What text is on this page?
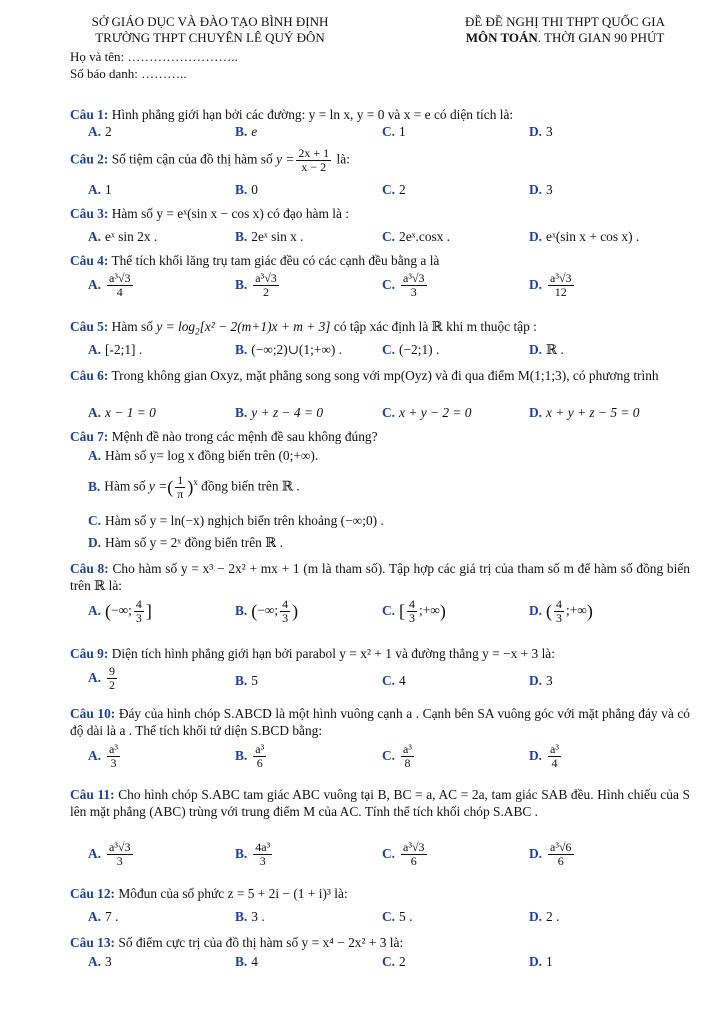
SỞ GIÁO DỤC VÀ ĐÀO TẠO BÌNH ĐỊNH
TRƯỜNG THPT CHUYÊN LÊ QUÝ ĐÔN
ĐỀ ĐỀ NGHỊ THI THPT QUỐC GIA
MÔN TOÁN. THỜI GIAN 90 PHÚT
Họ và tên: ……………………..
Số báo danh: ………..
Câu 1: Hình phẳng giới hạn bởi các đường: y = ln x, y = 0 và x = e có diện tích là:
A. 2	B. e	C. 1	D. 3
Câu 2: Số tiệm cận của đồ thị hàm số $y = \frac{2x + 1}{x - 2}$ là:
A. 1	B. 0	C. 2	D. 3
Câu 3: Hàm số y = eˣ(sin x − cos x) có đạo hàm là :
A. eˣ sin 2x .	B. 2eˣ sin x .	C. 2eˣ.cosx .	D. eˣ(sin x + cos x) .
Câu 4: Thể tích khối lăng trụ tam giác đều có các cạnh đều bằng a là
A. $\frac{\text{a³√3}}{4}$	B. $\frac{\text{a³√3}}{2}$	C. $\frac{\text{a³√3}}{3}$	D. $\frac{\text{a³√3}}{12}$
Câu 5: Hàm số $y = \log_2[x^2 - 2(m+1)x + m + 3]$ có tập xác định là ℝ khi m thuộc tập :
A. [-2;1] .	B. (−∞;2)∪(1;+∞) .	C. (−2;1) .	D. ℝ .
Câu 6: Trong không gian Oxyz, mặt phẳng song song với mp(Oyz) và đi qua điểm M(1;1;3), có phương trình
A. x − 1 = 0	B. y + z − 4 = 0	C. x + y − 2 = 0	D. x + y + z − 5 = 0
Câu 7: Mệnh đề nào trong các mệnh đề sau không đúng?
A. Hàm số y= log x đồng biến trên (0;+∞).
B. Hàm số y =( $\frac{1}{\pi} )^x$ đồng biến trên ℝ .
C. Hàm số y = ln(−x) nghịch biến trên khoảng (−∞;0) .
D. Hàm số y = 2ˣ đồng biến trên ℝ .
Câu 8: Cho hàm số y = x³ − 2x² + mx + 1 (m là tham số). Tập hợp các giá trị của tham số m để hàm số đồng biến trên ℝ là:
A. (−∞; $\frac{4}{3}$ ]	B. (−∞; $\frac{4}{3}$ )	C. [ $\frac{4}{3}$ ;+∞)	D. ( $\frac{4}{3}$ ;+∞)
Câu 9: Diện tích hình phẳng giới hạn bởi parabol y = x² + 1 và đường thẳng y = −x + 3 là:
A. $\frac{9}{2}$	B. 5	C. 4	D. 3
Câu 10: Đáy của hình chóp S.ABCD là một hình vuông cạnh a . Cạnh bên SA vuông góc với mặt phẳng đáy và có độ dài là a . Thể tích khối tứ diện S.BCD bằng:
A. $\frac{\text{a³}}{3}$	B. $\frac{\text{a³}}{6}$	C. $\frac{\text{a³}}{8}$	D. $\frac{\text{a³}}{4}$
Câu 11: Cho hình chóp S.ABC tam giác ABC vuông tại B, BC = a, AC = 2a, tam giác SAB đều. Hình chiếu của S lên mặt phẳng (ABC) trùng với trung điểm M của AC. Tính thể tích khối chóp S.ABC .
A. $\frac{\text{a³√3}}{3}$	B. $\frac{\text{4a³}}{3}$	C. $\frac{\text{a³√3}}{6}$	D. $\frac{\text{a³√6}}{6}$
Câu 12: Môđun của số phức z = 5 + 2i − (1 + i)³ là:
A. 7 .	B. 3 .	C. 5 .	D. 2 .
Câu 13: Số điểm cực trị của đồ thị hàm số y = x⁴ − 2x² + 3 là:
A. 3	B. 4	C. 2	D. 1
